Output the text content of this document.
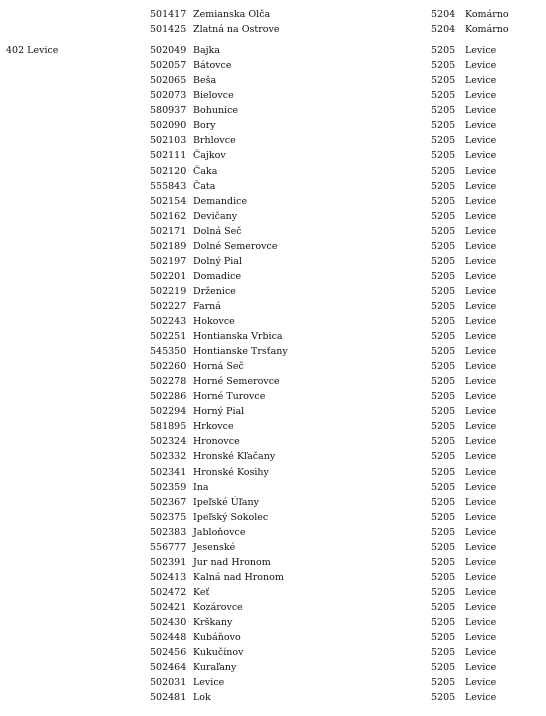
501417 Zemianska Olča	5204 Komárno
501425 Zlatná na Ostrove	5204 Komárno
402 Levice	502049 Bajka	5205 Levice
502057 Bátovce	5205 Levice
502065 Beša	5205 Levice
502073 Bielovce	5205 Levice
580937 Bohunice	5205 Levice
502090 Bory	5205 Levice
502103 Brhlovce	5205 Levice
502111 Čajkov	5205 Levice
502120 Čaka	5205 Levice
555843 Čata	5205 Levice
502154 Demandice	5205 Levice
502162 Devičany	5205 Levice
502171 Dolná Seč	5205 Levice
502189 Dolné Semerovce	5205 Levice
502197 Dolný Pial	5205 Levice
502201 Domadice	5205 Levice
502219 Drženice	5205 Levice
502227 Farná	5205 Levice
502243 Hokovce	5205 Levice
502251 Hontianska Vrbica	5205 Levice
545350 Hontianske Trsťany	5205 Levice
502260 Horná Seč	5205 Levice
502278 Horné Semerovce	5205 Levice
502286 Horné Turovce	5205 Levice
502294 Horný Pial	5205 Levice
581895 Hrkovce	5205 Levice
502324 Hronovce	5205 Levice
502332 Hronské Kľačany	5205 Levice
502341 Hronské Kosihy	5205 Levice
502359 Ina	5205 Levice
502367 Ipeľské Úľany	5205 Levice
502375 Ipeľský Sokolec	5205 Levice
502383 Jabloňovce	5205 Levice
556777 Jesenské	5205 Levice
502391 Jur nad Hronom	5205 Levice
502413 Kalná nad Hronom	5205 Levice
502472 Keť	5205 Levice
502421 Kozárovce	5205 Levice
502430 Krškany	5205 Levice
502448 Kubáňovo	5205 Levice
502456 Kukučínov	5205 Levice
502464 Kuraľany	5205 Levice
502031 Levice	5205 Levice
502481 Lok	5205 Levice
